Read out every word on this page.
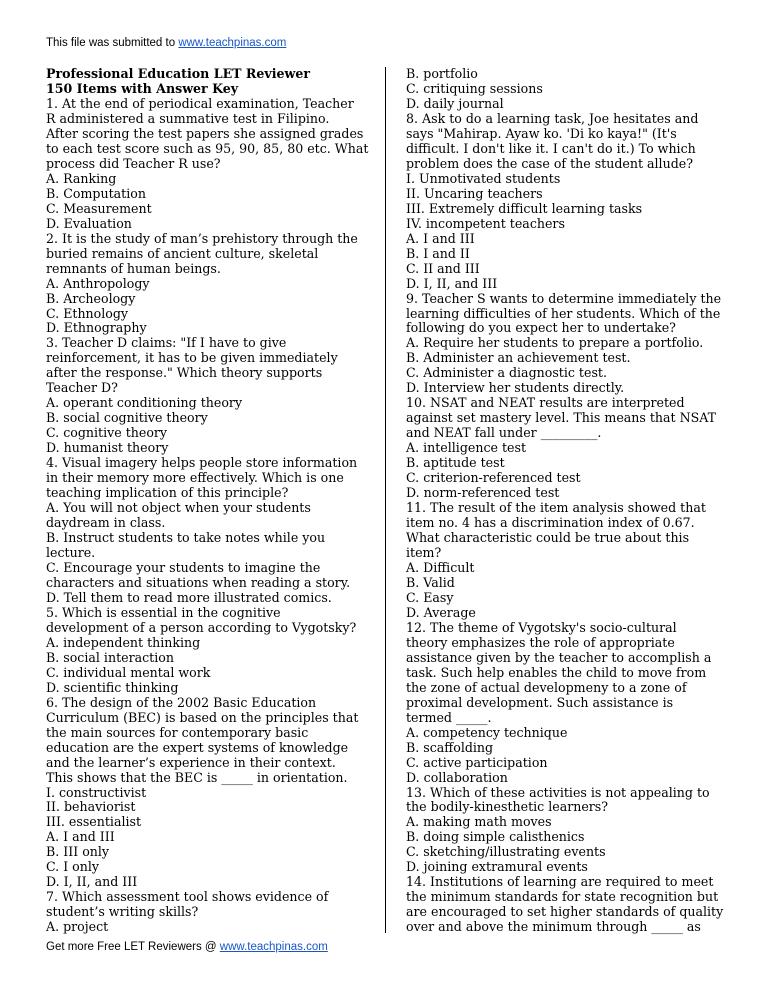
This file was submitted to www.teachpinas.com
Professional Education LET Reviewer
150 Items with Answer Key
1. At the end of periodical examination, Teacher
R administered a summative test in Filipino.
After scoring the test papers she assigned grades
to each test score such as 95, 90, 85, 80 etc. What
process did Teacher R use?
A. Ranking
B. Computation
C. Measurement
D. Evaluation
2. It is the study of man’s prehistory through the
buried remains of ancient culture, skeletal
remnants of human beings.
A. Anthropology
B. Archeology
C. Ethnology
D. Ethnography
3. Teacher D claims: "If I have to give
reinforcement, it has to be given immediately
after the response." Which theory supports
Teacher D?
A. operant conditioning theory
B. social cognitive theory
C. cognitive theory
D. humanist theory
4. Visual imagery helps people store information
in their memory more effectively. Which is one
teaching implication of this principle?
A. You will not object when your students
daydream in class.
B. Instruct students to take notes while you
lecture.
C. Encourage your students to imagine the
characters and situations when reading a story.
D. Tell them to read more illustrated comics.
5. Which is essential in the cognitive
development of a person according to Vygotsky?
A. independent thinking
B. social interaction
C. individual mental work
D. scientific thinking
6. The design of the 2002 Basic Education
Curriculum (BEC) is based on the principles that
the main sources for contemporary basic
education are the expert systems of knowledge
and the learner’s experience in their context.
This shows that the BEC is _____ in orientation.
I. constructivist
II. behaviorist
III. essentialist
A. I and III
B. III only
C. I only
D. I, II, and III
7. Which assessment tool shows evidence of
student’s writing skills?
A. project
B. portfolio
C. critiquing sessions
D. daily journal
8. Ask to do a learning task, Joe hesitates and
says "Mahirap. Ayaw ko. 'Di ko kaya!" (It's
difficult. I don't like it. I can't do it.) To which
problem does the case of the student allude?
I. Unmotivated students
II. Uncaring teachers
III. Extremely difficult learning tasks
IV. incompetent teachers
A. I and III
B. I and II
C. II and III
D. I, II, and III
9. Teacher S wants to determine immediately the
learning difficulties of her students. Which of the
following do you expect her to undertake?
A. Require her students to prepare a portfolio.
B. Administer an achievement test.
C. Administer a diagnostic test.
D. Interview her students directly.
10. NSAT and NEAT results are interpreted
against set mastery level. This means that NSAT
and NEAT fall under _________.
A. intelligence test
B. aptitude test
C. criterion-referenced test
D. norm-referenced test
11. The result of the item analysis showed that
item no. 4 has a discrimination index of 0.67.
What characteristic could be true about this
item?
A. Difficult
B. Valid
C. Easy
D. Average
12. The theme of Vygotsky's socio-cultural
theory emphasizes the role of appropriate
assistance given by the teacher to accomplish a
task. Such help enables the child to move from
the zone of actual developmeny to a zone of
proximal development. Such assistance is
termed _____.
A. competency technique
B. scaffolding
C. active participation
D. collaboration
13. Which of these activities is not appealing to
the bodily-kinesthetic learners?
A. making math moves
B. doing simple calisthenics
C. sketching/illustrating events
D. joining extramural events
14. Institutions of learning are required to meet
the minimum standards for state recognition but
are encouraged to set higher standards of quality
over and above the minimum through _____ as
Get more Free LET Reviewers @ www.teachpinas.com
